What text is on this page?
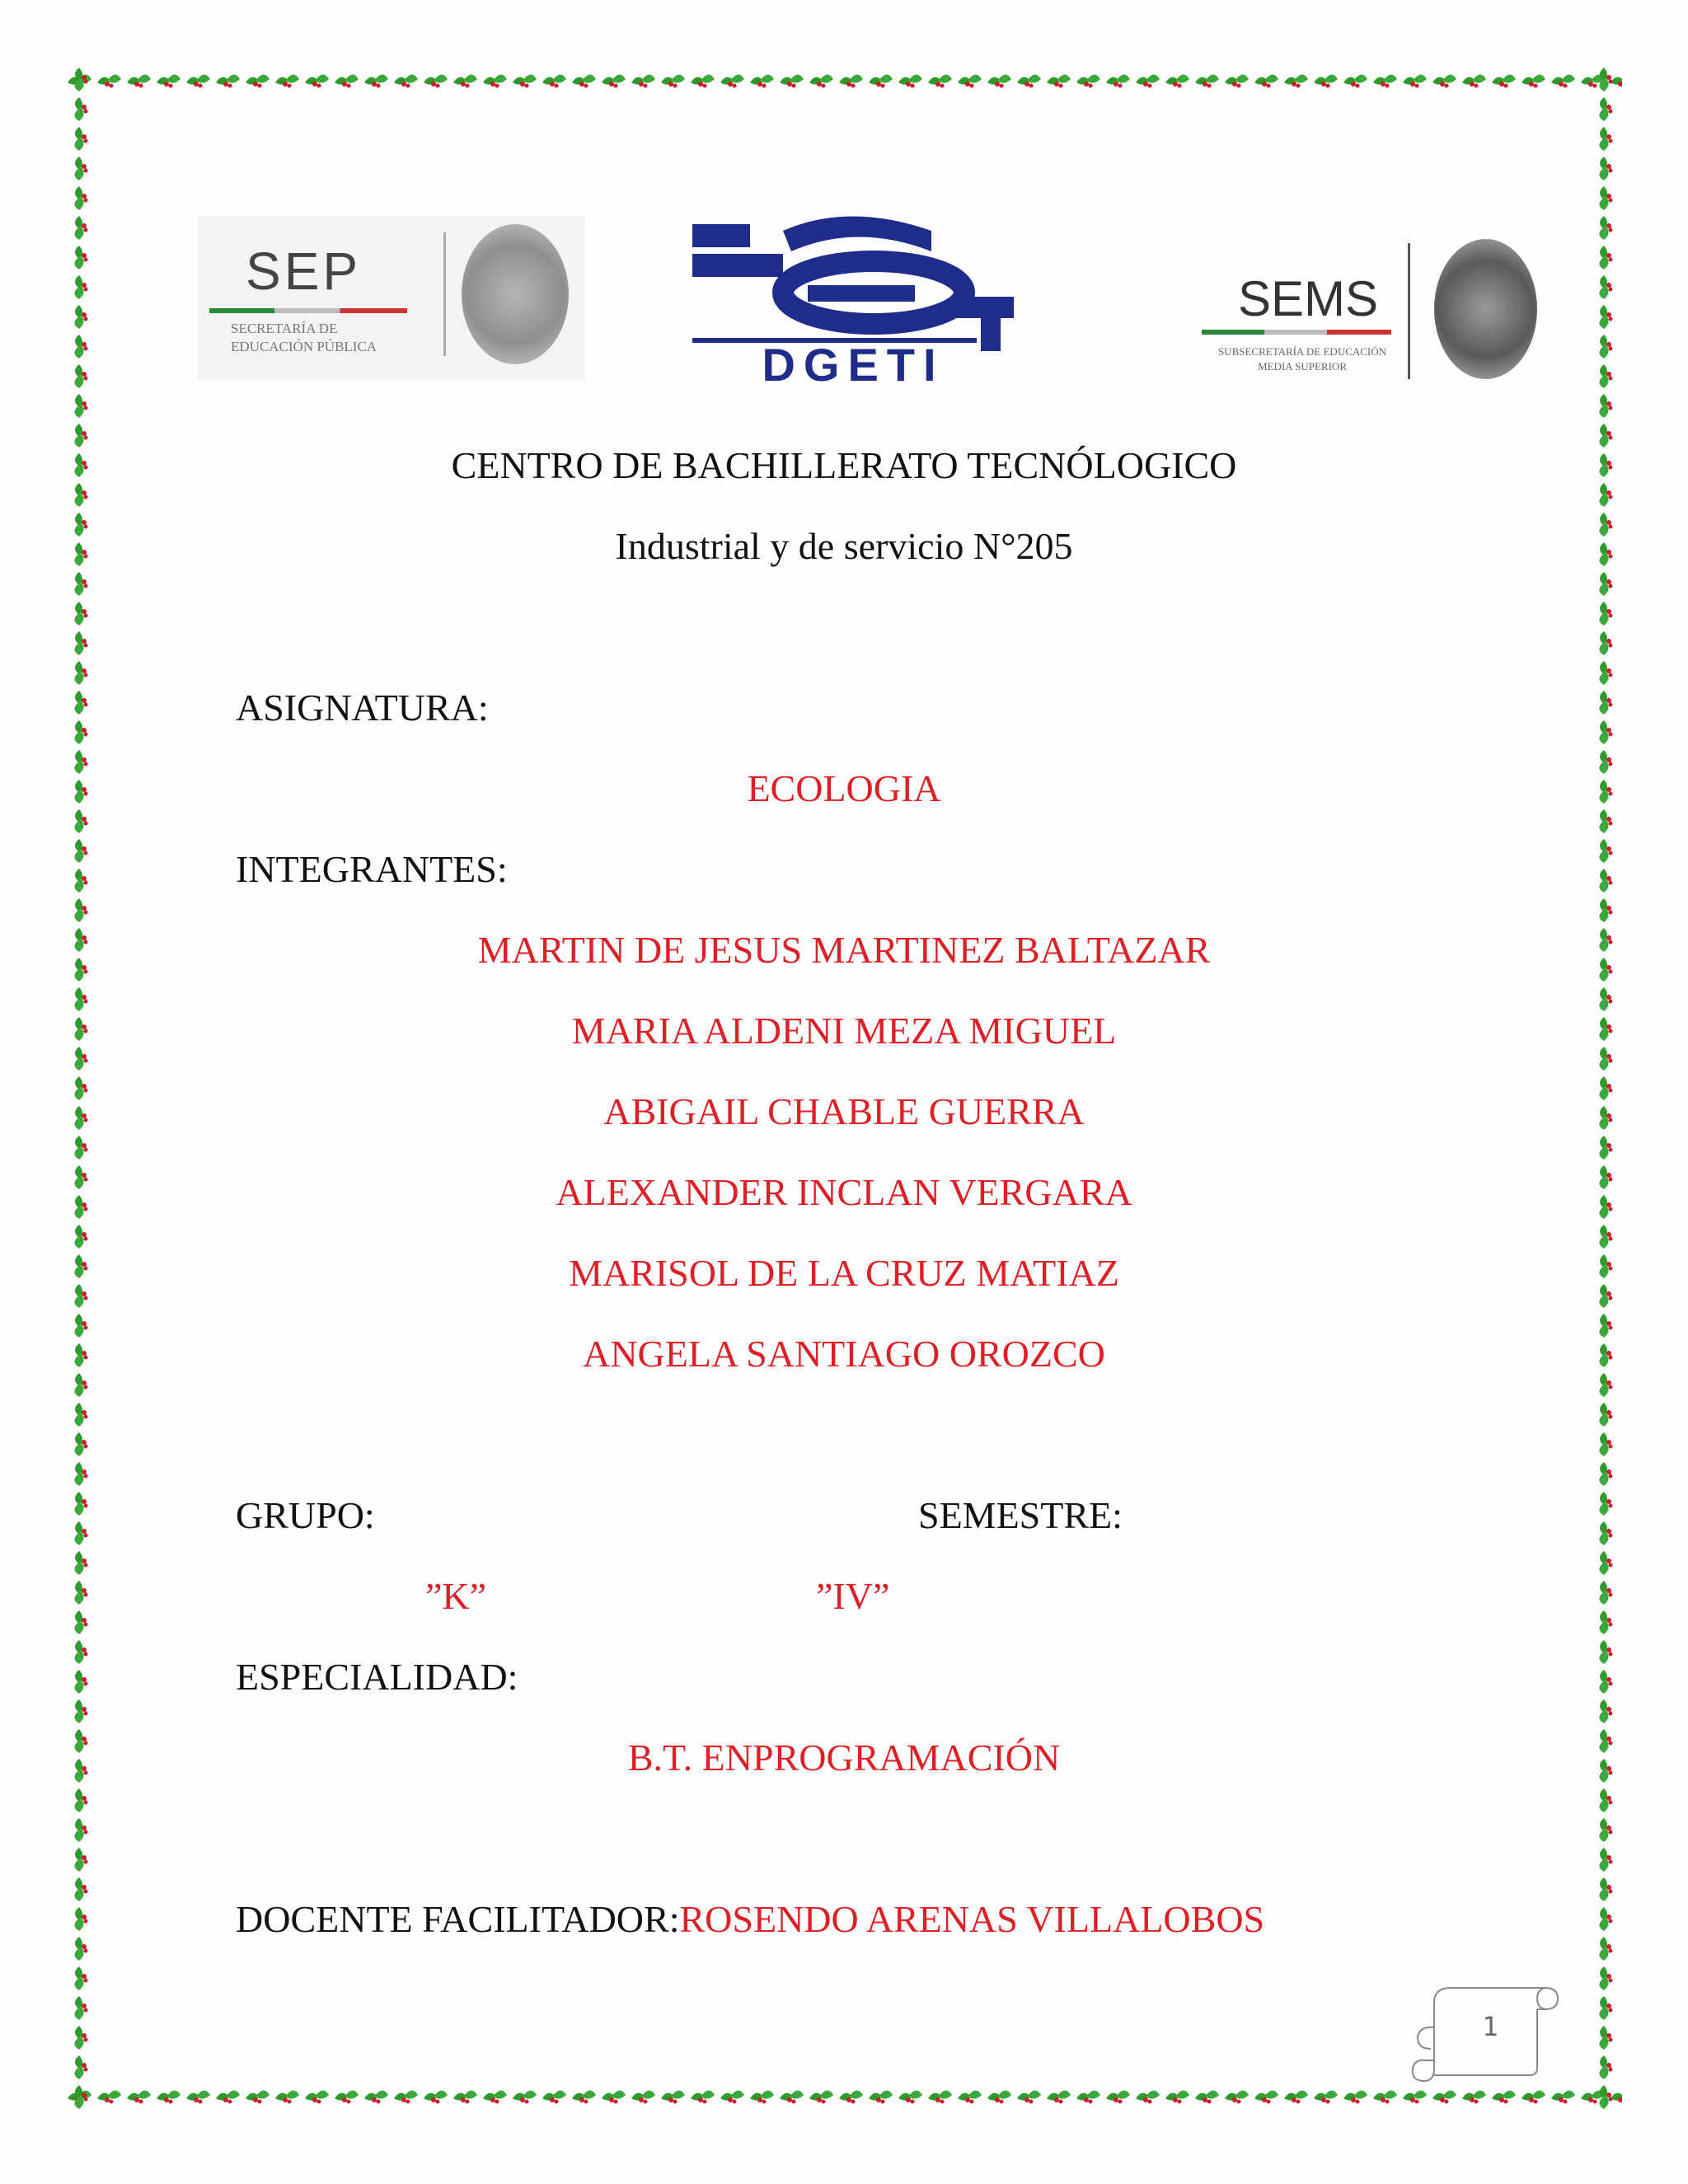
SEP
SECRETARÍA DE EDUCACIÓN PÚBLICA	DGETI
SEMS
SUBSECRETARÍA DE EDUCACIÓN MEDIA SUPERIOR
CENTRO DE BACHILLERATO TECNÓLOGICO
Industrial y de servicio N°205
ASIGNATURA:
ECOLOGIA
INTEGRANTES:
MARTIN DE JESUS MARTINEZ BALTAZAR
MARIA ALDENI MEZA MIGUEL
ABIGAIL CHABLE GUERRA
ALEXANDER INCLAN VERGARA
MARISOL DE LA CRUZ MATIAZ
ANGELA SANTIAGO OROZCO
GRUPO:	SEMESTRE:
”K”	”IV”
ESPECIALIDAD:
B.T. ENPROGRAMACIÓN
DOCENTE FACILITADOR:ROSENDO ARENAS VILLALOBOS
1
